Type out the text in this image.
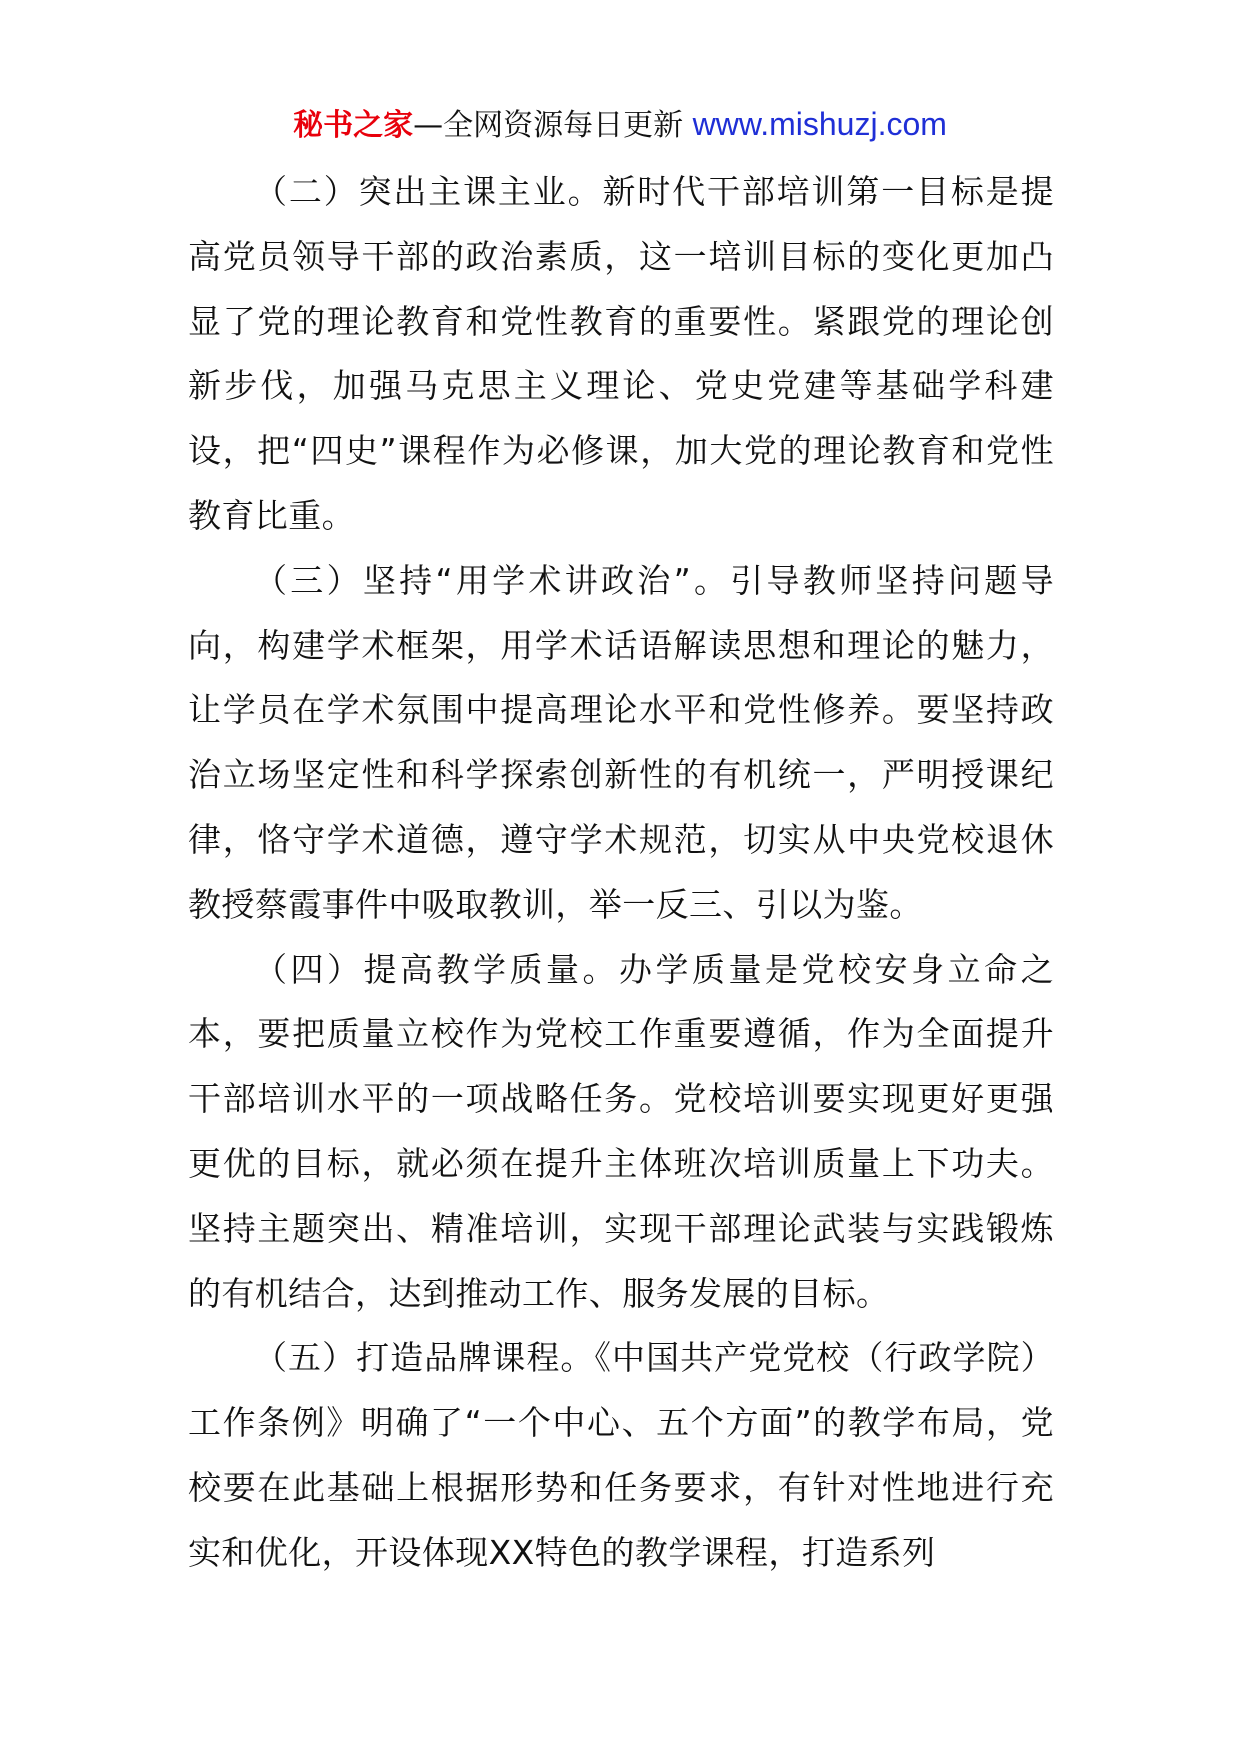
秘书之家—全网资源每日更新 www.mishuzj.com

（二）突出主课主业。新时代干部培训第一目标是提高党员领导干部的政治素质，这一培训目标的变化更加凸显了党的理论教育和党性教育的重要性。紧跟党的理论创新步伐，加强马克思主义理论、党史党建等基础学科建设，把“四史”课程作为必修课，加大党的理论教育和党性教育比重。

（三）坚持“用学术讲政治”。引导教师坚持问题导向，构建学术框架，用学术话语解读思想和理论的魅力，让学员在学术氛围中提高理论水平和党性修养。要坚持政治立场坚定性和科学探索创新性的有机统一，严明授课纪律，恪守学术道德，遵守学术规范，切实从中央党校退休教授蔡霞事件中吸取教训，举一反三、引以为鉴。

（四）提高教学质量。办学质量是党校安身立命之本，要把质量立校作为党校工作重要遵循，作为全面提升干部培训水平的一项战略任务。党校培训要实现更好更强更优的目标，就必须在提升主体班次培训质量上下功夫。坚持主题突出、精准培训，实现干部理论武装与实践锻炼的有机结合，达到推动工作、服务发展的目标。

（五）打造品牌课程。《中国共产党党校（行政学院）工作条例》明确了“一个中心、五个方面”的教学布局，党校要在此基础上根据形势和任务要求，有针对性地进行充实和优化，开设体现XX特色的教学课程，打造系列
